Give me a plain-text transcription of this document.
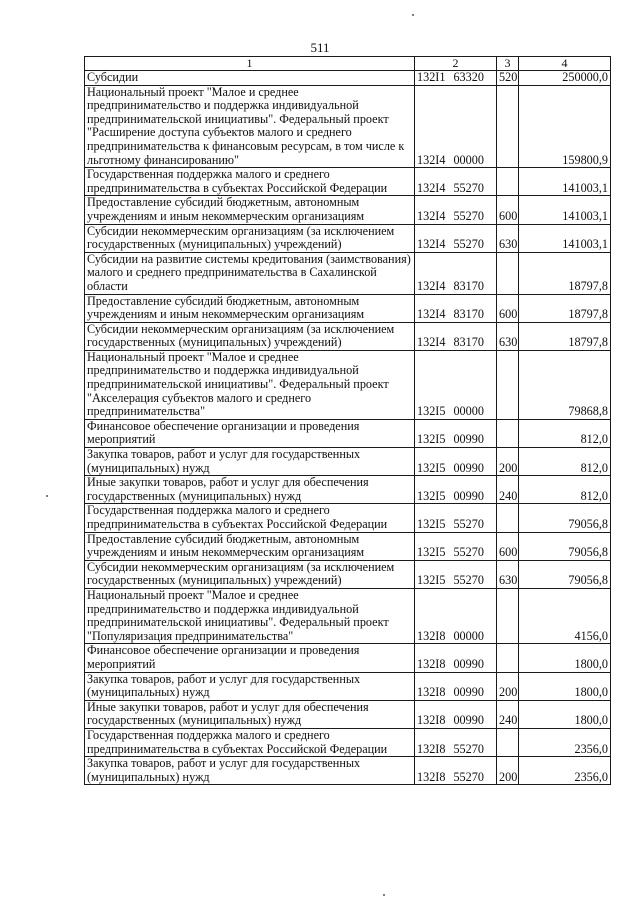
511
1	2	3	4
Субсидии	132I1 63320	520	250000,0
Национальный проект "Малое и среднее предпринимательство и поддержка индивидуальной предпринимательской инициативы". Федеральный проект "Расширение доступа субъектов малого и среднего предпринимательства к финансовым ресурсам, в том числе к льготному финансированию"	132I4 00000		159800,9
Государственная поддержка малого и среднего предпринимательства в субъектах Российской Федерации	132I4 55270		141003,1
Предоставление субсидий бюджетным, автономным учреждениям и иным некоммерческим организациям	132I4 55270	600	141003,1
Субсидии некоммерческим организациям (за исключением государственных (муниципальных) учреждений)	132I4 55270	630	141003,1
Субсидии на развитие системы кредитования (заимствования) малого и среднего предпринимательства в Сахалинской области	132I4 83170		18797,8
Предоставление субсидий бюджетным, автономным учреждениям и иным некоммерческим организациям	132I4 83170	600	18797,8
Субсидии некоммерческим организациям (за исключением государственных (муниципальных) учреждений)	132I4 83170	630	18797,8
Национальный проект "Малое и среднее предпринимательство и поддержка индивидуальной предпринимательской инициативы". Федеральный проект "Акселерация субъектов малого и среднего предпринимательства"	132I5 00000		79868,8
Финансовое обеспечение организации и проведения мероприятий	132I5 00990		812,0
Закупка товаров, работ и услуг для государственных (муниципальных) нужд	132I5 00990	200	812,0
Иные закупки товаров, работ и услуг для обеспечения государственных (муниципальных) нужд	132I5 00990	240	812,0
Государственная поддержка малого и среднего предпринимательства в субъектах Российской Федерации	132I5 55270		79056,8
Предоставление субсидий бюджетным, автономным учреждениям и иным некоммерческим организациям	132I5 55270	600	79056,8
Субсидии некоммерческим организациям (за исключением государственных (муниципальных) учреждений)	132I5 55270	630	79056,8
Национальный проект "Малое и среднее предпринимательство и поддержка индивидуальной предпринимательской инициативы". Федеральный проект "Популяризация предпринимательства"	132I8 00000		4156,0
Финансовое обеспечение организации и проведения мероприятий	132I8 00990		1800,0
Закупка товаров, работ и услуг для государственных (муниципальных) нужд	132I8 00990	200	1800,0
Иные закупки товаров, работ и услуг для обеспечения государственных (муниципальных) нужд	132I8 00990	240	1800,0
Государственная поддержка малого и среднего предпринимательства в субъектах Российской Федерации	132I8 55270		2356,0
Закупка товаров, работ и услуг для государственных (муниципальных) нужд	132I8 55270	200	2356,0
